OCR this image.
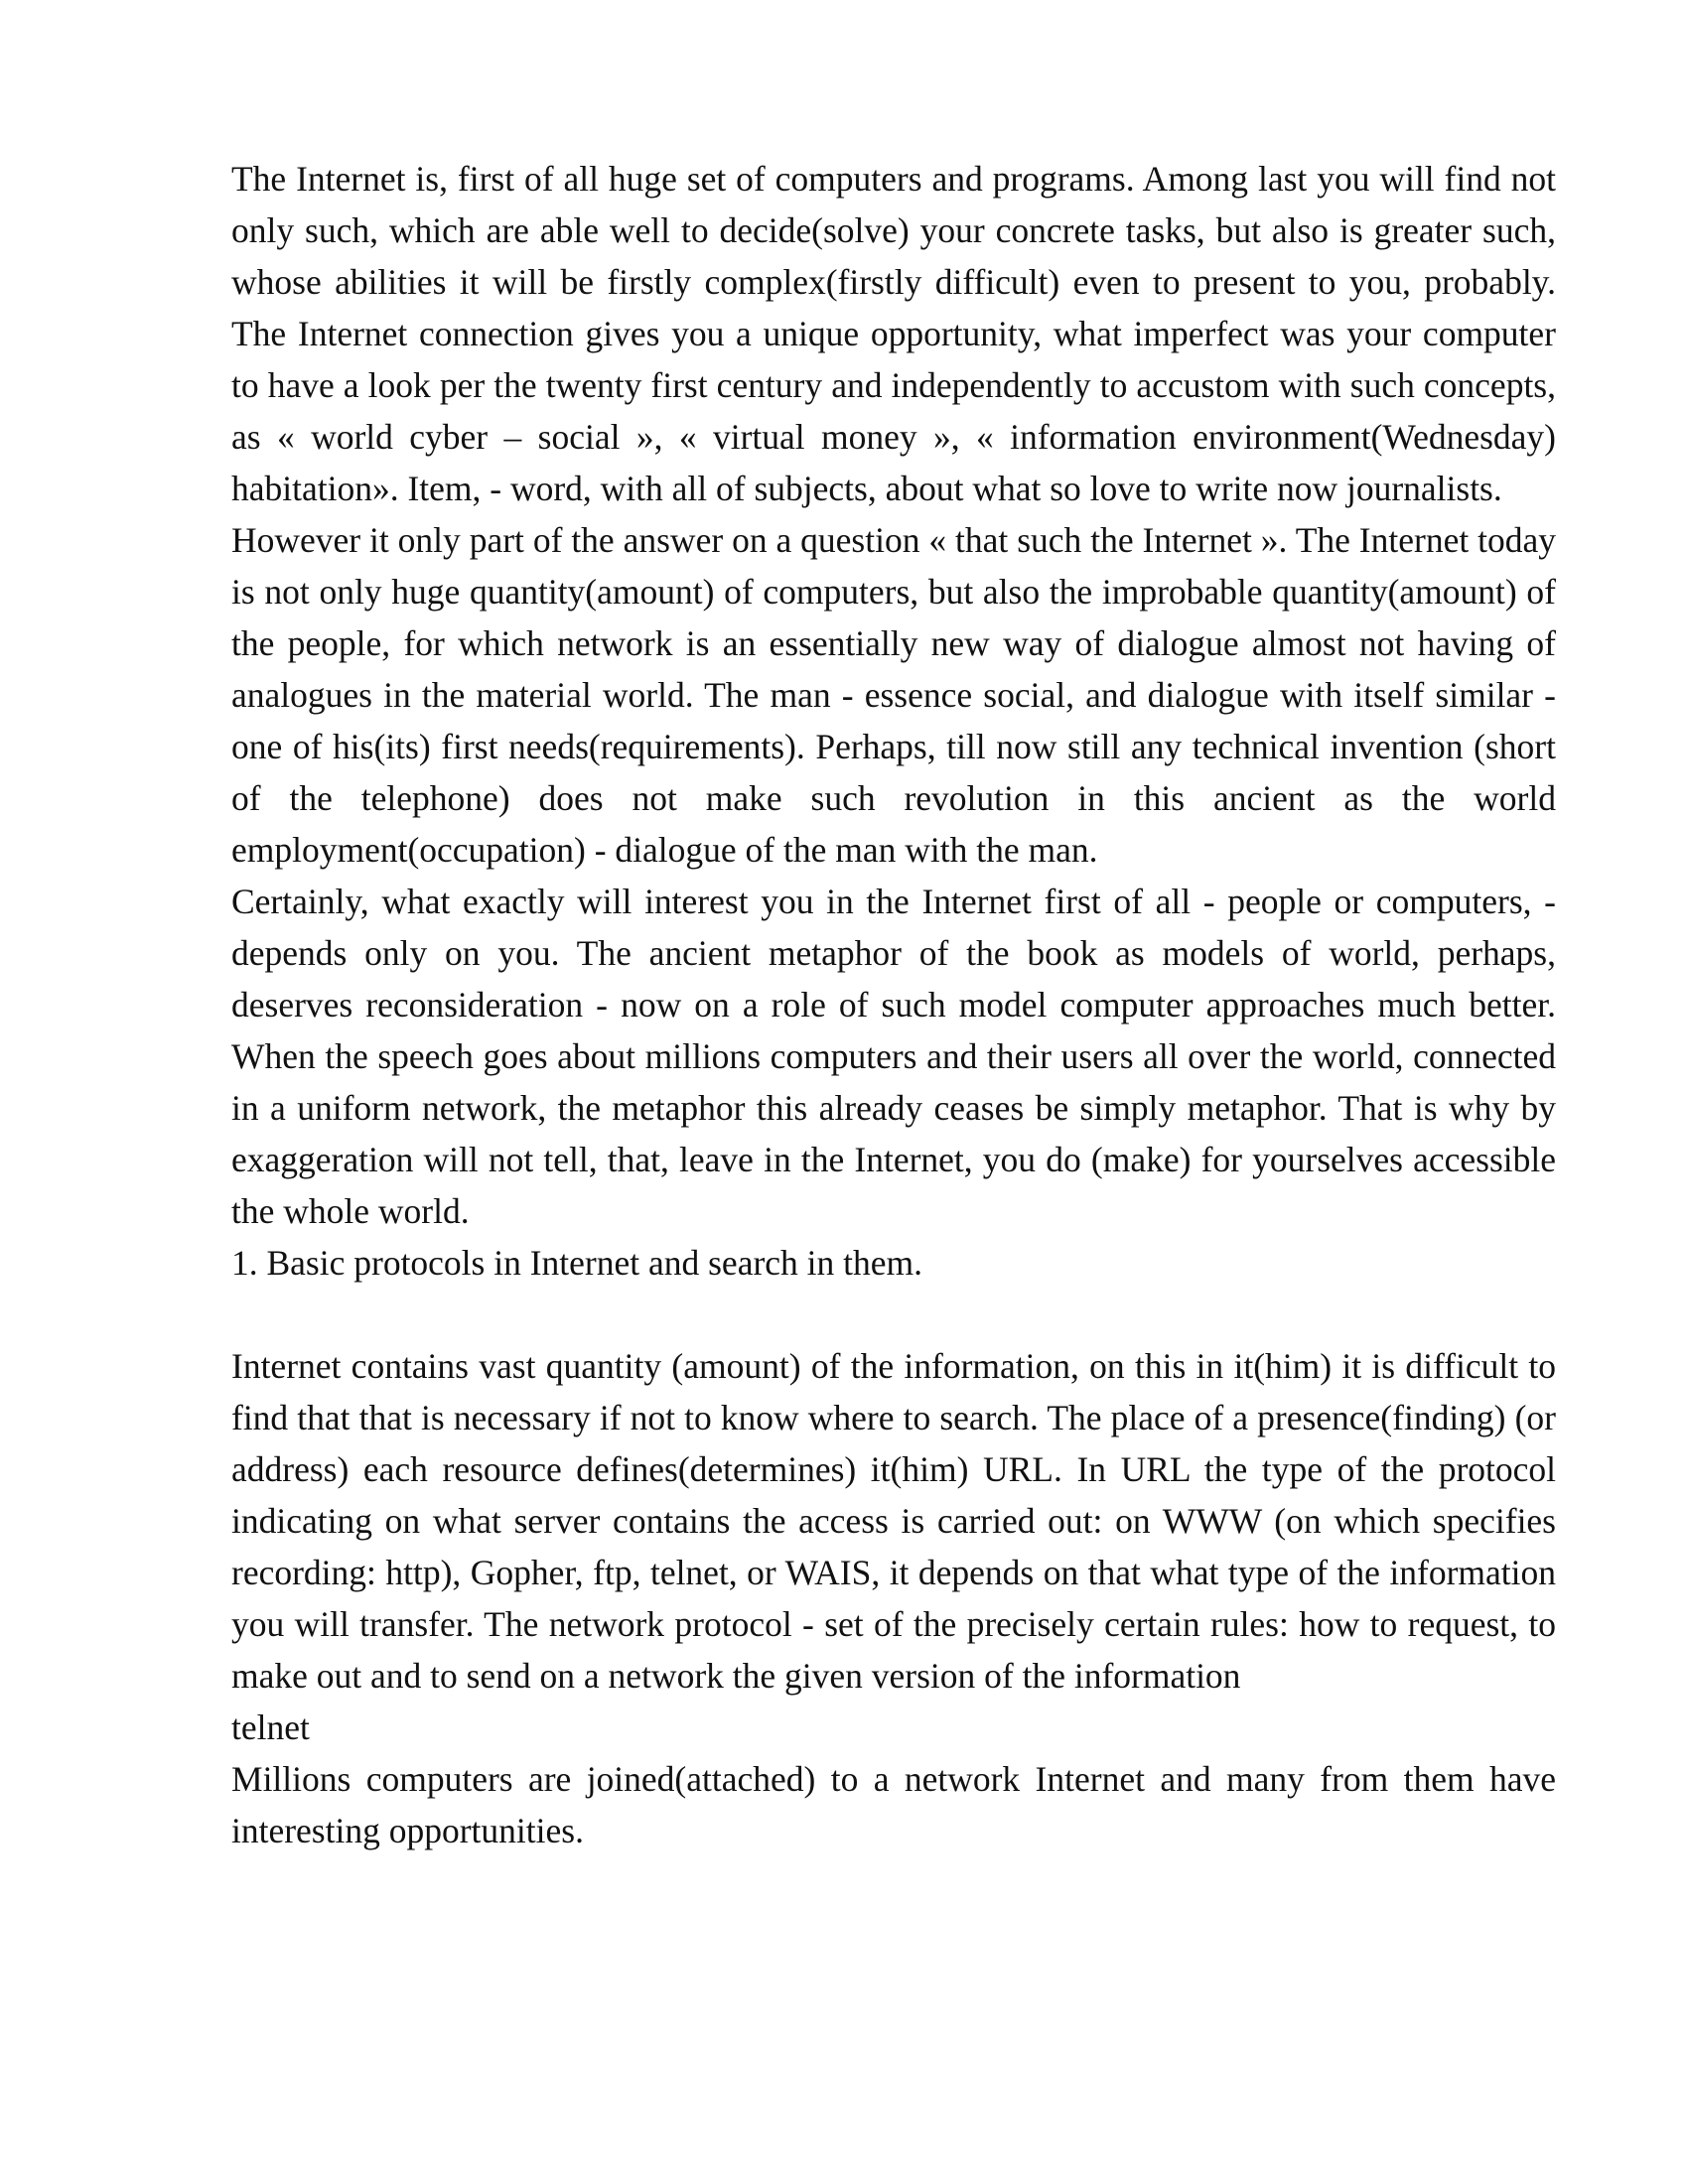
The Internet is, first of all huge set of computers and programs. Among last you will find not only such, which are able well to decide(solve) your concrete tasks, but also is greater such, whose abilities it will be firstly complex(firstly difficult) even to present to you, probably. The Internet connection gives you a unique opportunity, what imperfect was your computer to have a look per the twenty first century and independently to accustom with such concepts, as « world cyber – social », « virtual money », « information environment(Wednesday) habitation». Item, - word, with all of subjects, about what so love to write now journalists.

However it only part of the answer on a question « that such the Internet ». The Internet today is not only huge quantity(amount) of computers, but also the improbable quantity(amount) of the people, for which network is an essentially new way of dialogue almost not having of analogues in the material world. The man - essence social, and dialogue with itself similar - one of his(its) first needs(requirements). Perhaps, till now still any technical invention (short of the telephone) does not make such revolution in this ancient as the world employment(occupation) - dialogue of the man with the man.

Certainly, what exactly will interest you in the Internet first of all - people or computers, - depends only on you. The ancient metaphor of the book as models of world, perhaps, deserves reconsideration - now on a role of such model computer approaches much better. When the speech goes about millions computers and their users all over the world, connected in a uniform network, the metaphor this already ceases be simply metaphor. That is why by exaggeration will not tell, that, leave in the Internet, you do (make) for yourselves accessible the whole world.

1. Basic protocols in Internet and search in them.

Internet contains vast quantity (amount) of the information, on this in it(him) it is difficult to find that that is necessary if not to know where to search. The place of a presence(finding) (or address) each resource defines(determines) it(him) URL. In URL the type of the protocol indicating on what server contains the access is carried out: on WWW (on which specifies recording: http), Gopher, ftp, telnet, or WAIS, it depends on that what type of the information you will transfer. The network protocol - set of the precisely certain rules: how to request, to make out and to send on a network the given version of the information

telnet

Millions computers are joined(attached) to a network Internet and many from them have interesting opportunities.
